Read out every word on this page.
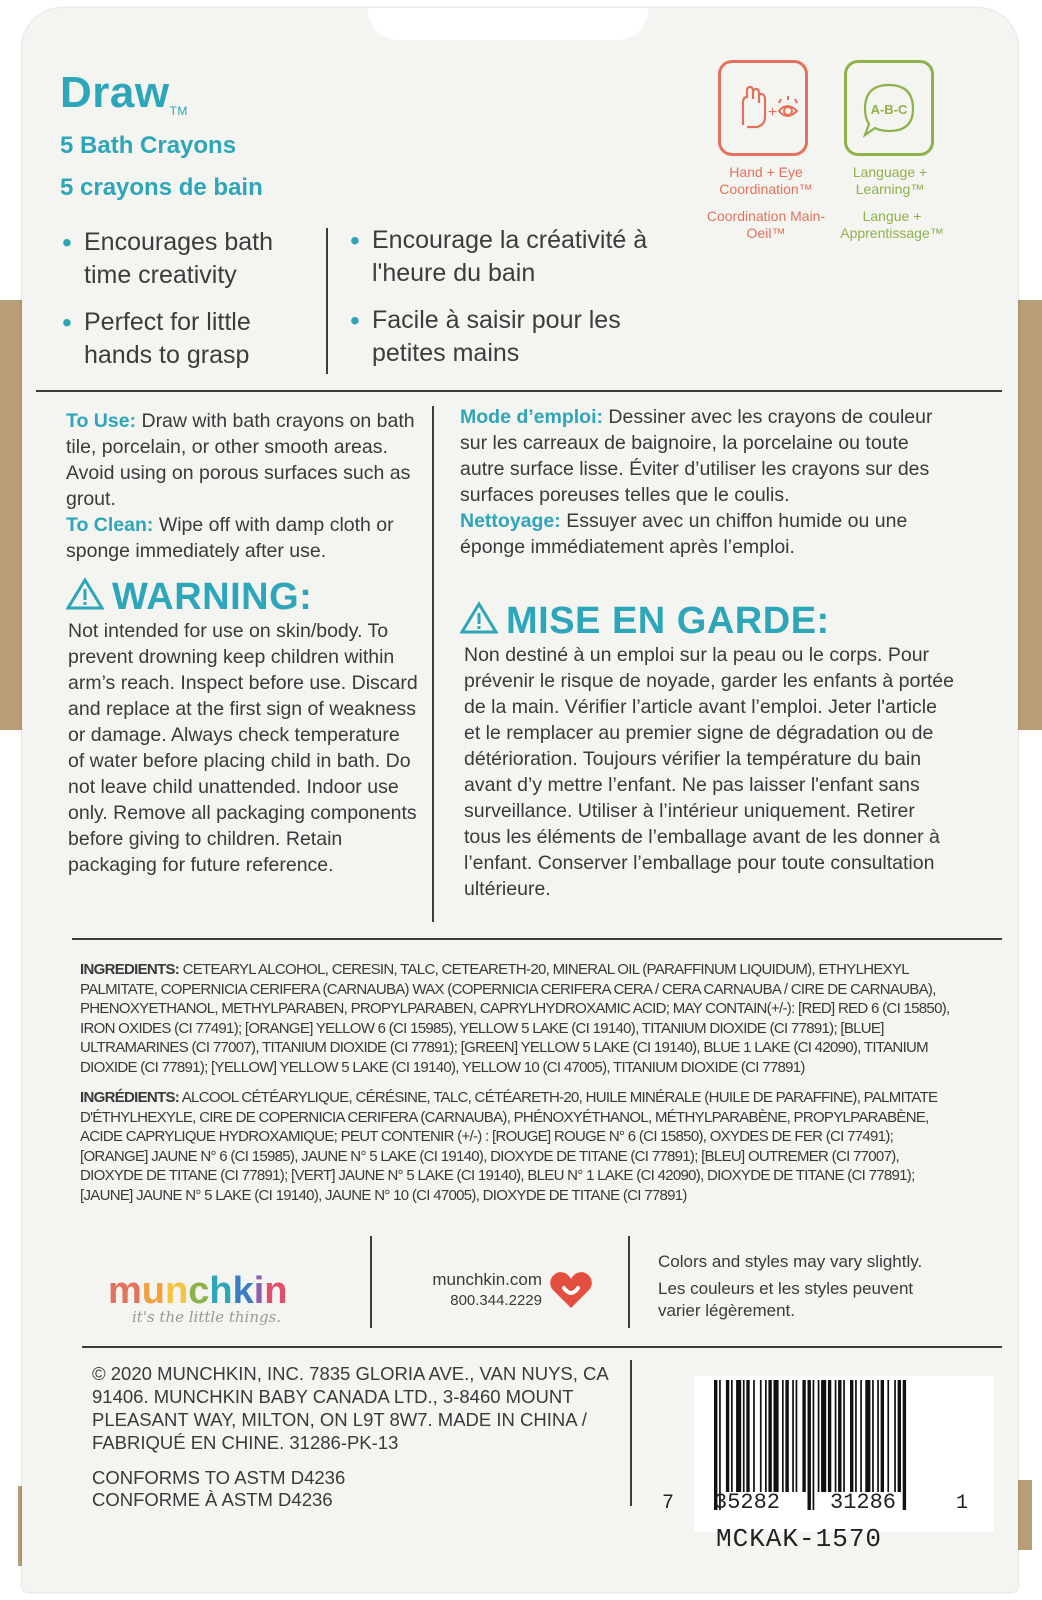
DrawTM
5 Bath Crayons
5 crayons de bain
• Encourages bath time creativity
• Perfect for little hands to grasp
• Encourage la créativité à l'heure du bain
• Facile à saisir pour les petites mains
+
Hand + Eye Coordination™
Coordination Main-Oeil™
A-B-C
Language + Learning™
Langue + Apprentissage™

To Use: Draw with bath crayons on bath tile, porcelain, or other smooth areas. Avoid using on porous surfaces such as grout.
To Clean: Wipe off with damp cloth or sponge immediately after use.

Mode d’emploi: Dessiner avec les crayons de couleur sur les carreaux de baignoire, la porcelaine ou toute autre surface lisse. Éviter d’utiliser les crayons sur des surfaces poreuses telles que le coulis.
Nettoyage: Essuyer avec un chiffon humide ou une éponge immédiatement après l’emploi.

WARNING:

Not intended for use on skin/body. To prevent drowning keep children within arm’s reach. Inspect before use. Discard and replace at the first sign of weakness or damage. Always check temperature of water before placing child in bath. Do not leave child unattended. Indoor use only. Remove all packaging components before giving to children. Retain packaging for future reference.

MISE EN GARDE:

Non destiné à un emploi sur la peau ou le corps. Pour prévenir le risque de noyade, garder les enfants à portée de la main. Vérifier l’article avant l’emploi. Jeter l'article et le remplacer au premier signe de dégradation ou de détérioration. Toujours vérifier la température du bain avant d’y mettre l’enfant. Ne pas laisser l'enfant sans surveillance. Utiliser à l’intérieur uniquement. Retirer tous les éléments de l’emballage avant de les donner à l’enfant. Conserver l’emballage pour toute consultation ultérieure.

INGREDIENTS: CETEARYL ALCOHOL, CERESIN, TALC, CETEARETH-20, MINERAL OIL (PARAFFINUM LIQUIDUM), ETHYLHEXYL PALMITATE, COPERNICIA CERIFERA (CARNAUBA) WAX (COPERNICIA CERIFERA CERA / CERA CARNAUBA / CIRE DE CARNAUBA), PHENOXYETHANOL, METHYLPARABEN, PROPYLPARABEN, CAPRYLHYDROXAMIC ACID; MAY CONTAIN(+/-): [RED] RED 6 (CI 15850), IRON OXIDES (CI 77491); [ORANGE] YELLOW 6 (CI 15985), YELLOW 5 LAKE (CI 19140), TITANIUM DIOXIDE (CI 77891); [BLUE] ULTRAMARINES (CI 77007), TITANIUM DIOXIDE (CI 77891); [GREEN] YELLOW 5 LAKE (CI 19140), BLUE 1 LAKE (CI 42090), TITANIUM DIOXIDE (CI 77891); [YELLOW] YELLOW 5 LAKE (CI 19140), YELLOW 10 (CI 47005), TITANIUM DIOXIDE (CI 77891)

INGRÉDIENTS: ALCOOL CÉTÉARYLIQUE, CÉRÉSINE, TALC, CÉTÉARETH-20, HUILE MINÉRALE (HUILE DE PARAFFINE), PALMITATE D'ÉTHYLHEXYLE, CIRE DE COPERNICIA CERIFERA (CARNAUBA), PHÉNOXYÉTHANOL, MÉTHYLPARABÈNE, PROPYLPARABÈNE, ACIDE CAPRYLIQUE HYDROXAMIQUE; PEUT CONTENIR (+/-) : [ROUGE] ROUGE N° 6 (CI 15850), OXYDES DE FER (CI 77491); [ORANGE] JAUNE N° 6 (CI 15985), JAUNE N° 5 LAKE (CI 19140), DIOXYDE DE TITANE (CI 77891); [BLEU] OUTREMER (CI 77007), DIOXYDE DE TITANE (CI 77891); [VERT] JAUNE N° 5 LAKE (CI 19140), BLEU N° 1 LAKE (CI 42090), DIOXYDE DE TITANE (CI 77891); [JAUNE] JAUNE N° 5 LAKE (CI 19140), JAUNE N° 10 (CI 47005), DIOXYDE DE TITANE (CI 77891)

munchkin
it's the little things.
munchkin.com
800.344.2229
Colors and styles may vary slightly.
Les couleurs et les styles peuvent varier légèrement.
© 2020 MUNCHKIN, INC. 7835 GLORIA AVE., VAN NUYS, CA 91406. MUNCHKIN BABY CANADA LTD., 3-8460 MOUNT PLEASANT WAY, MILTON, ON L9T 8W7. MADE IN CHINA / FABRIQUÉ EN CHINE. 31286-PK-13
CONFORMS TO ASTM D4236
CONFORME À ASTM D4236	7 35282 31286	1
MCKAK-1570
